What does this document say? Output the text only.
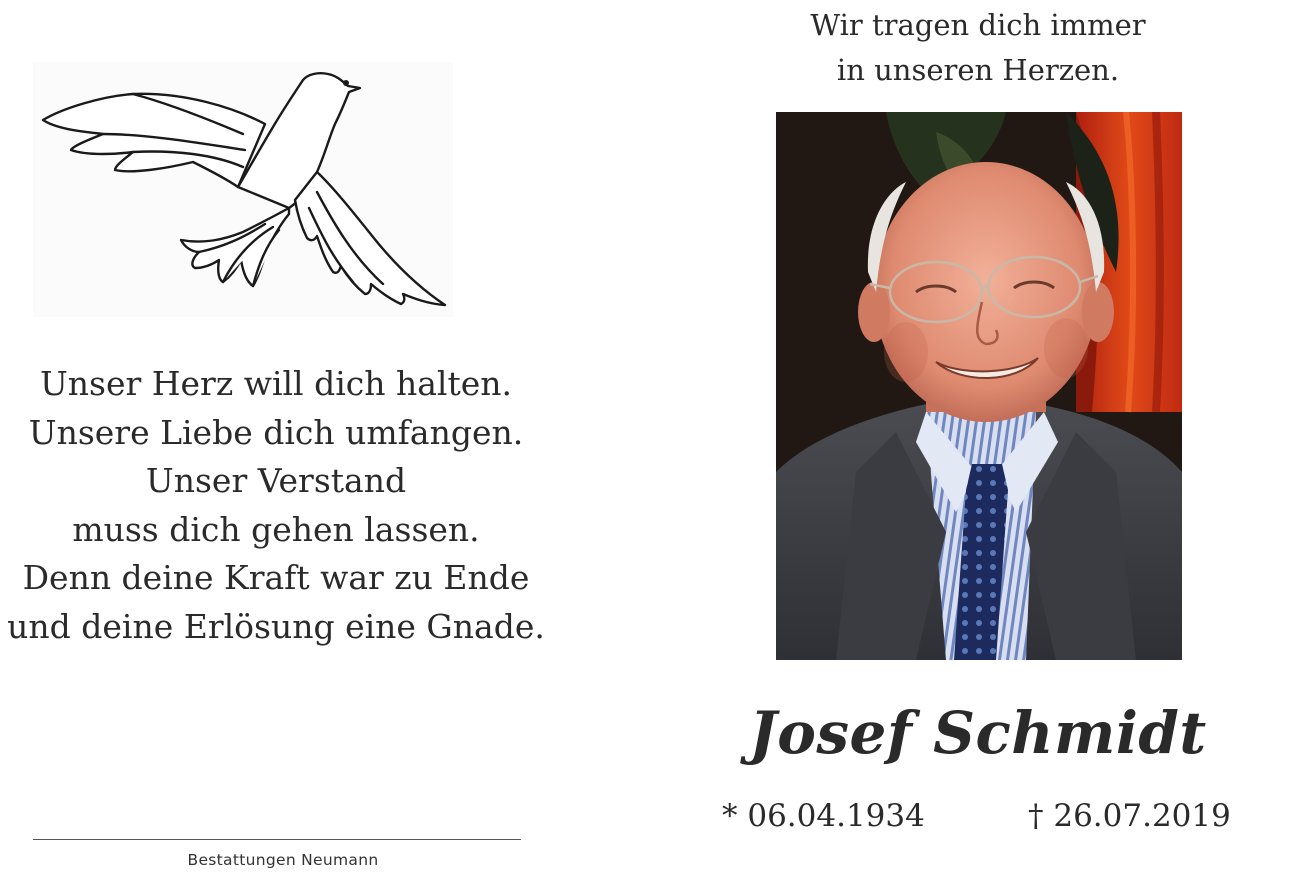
Unser Herz will dich halten.
Unsere Liebe dich umfangen.
Unser Verstand
muss dich gehen lassen.
Denn deine Kraft war zu Ende
und deine Erlösung eine Gnade.
Bestattungen Neumann
Wir tragen dich immer
in unseren Herzen.
Josef Schmidt
* 06.04.1934	† 26.07.2019
